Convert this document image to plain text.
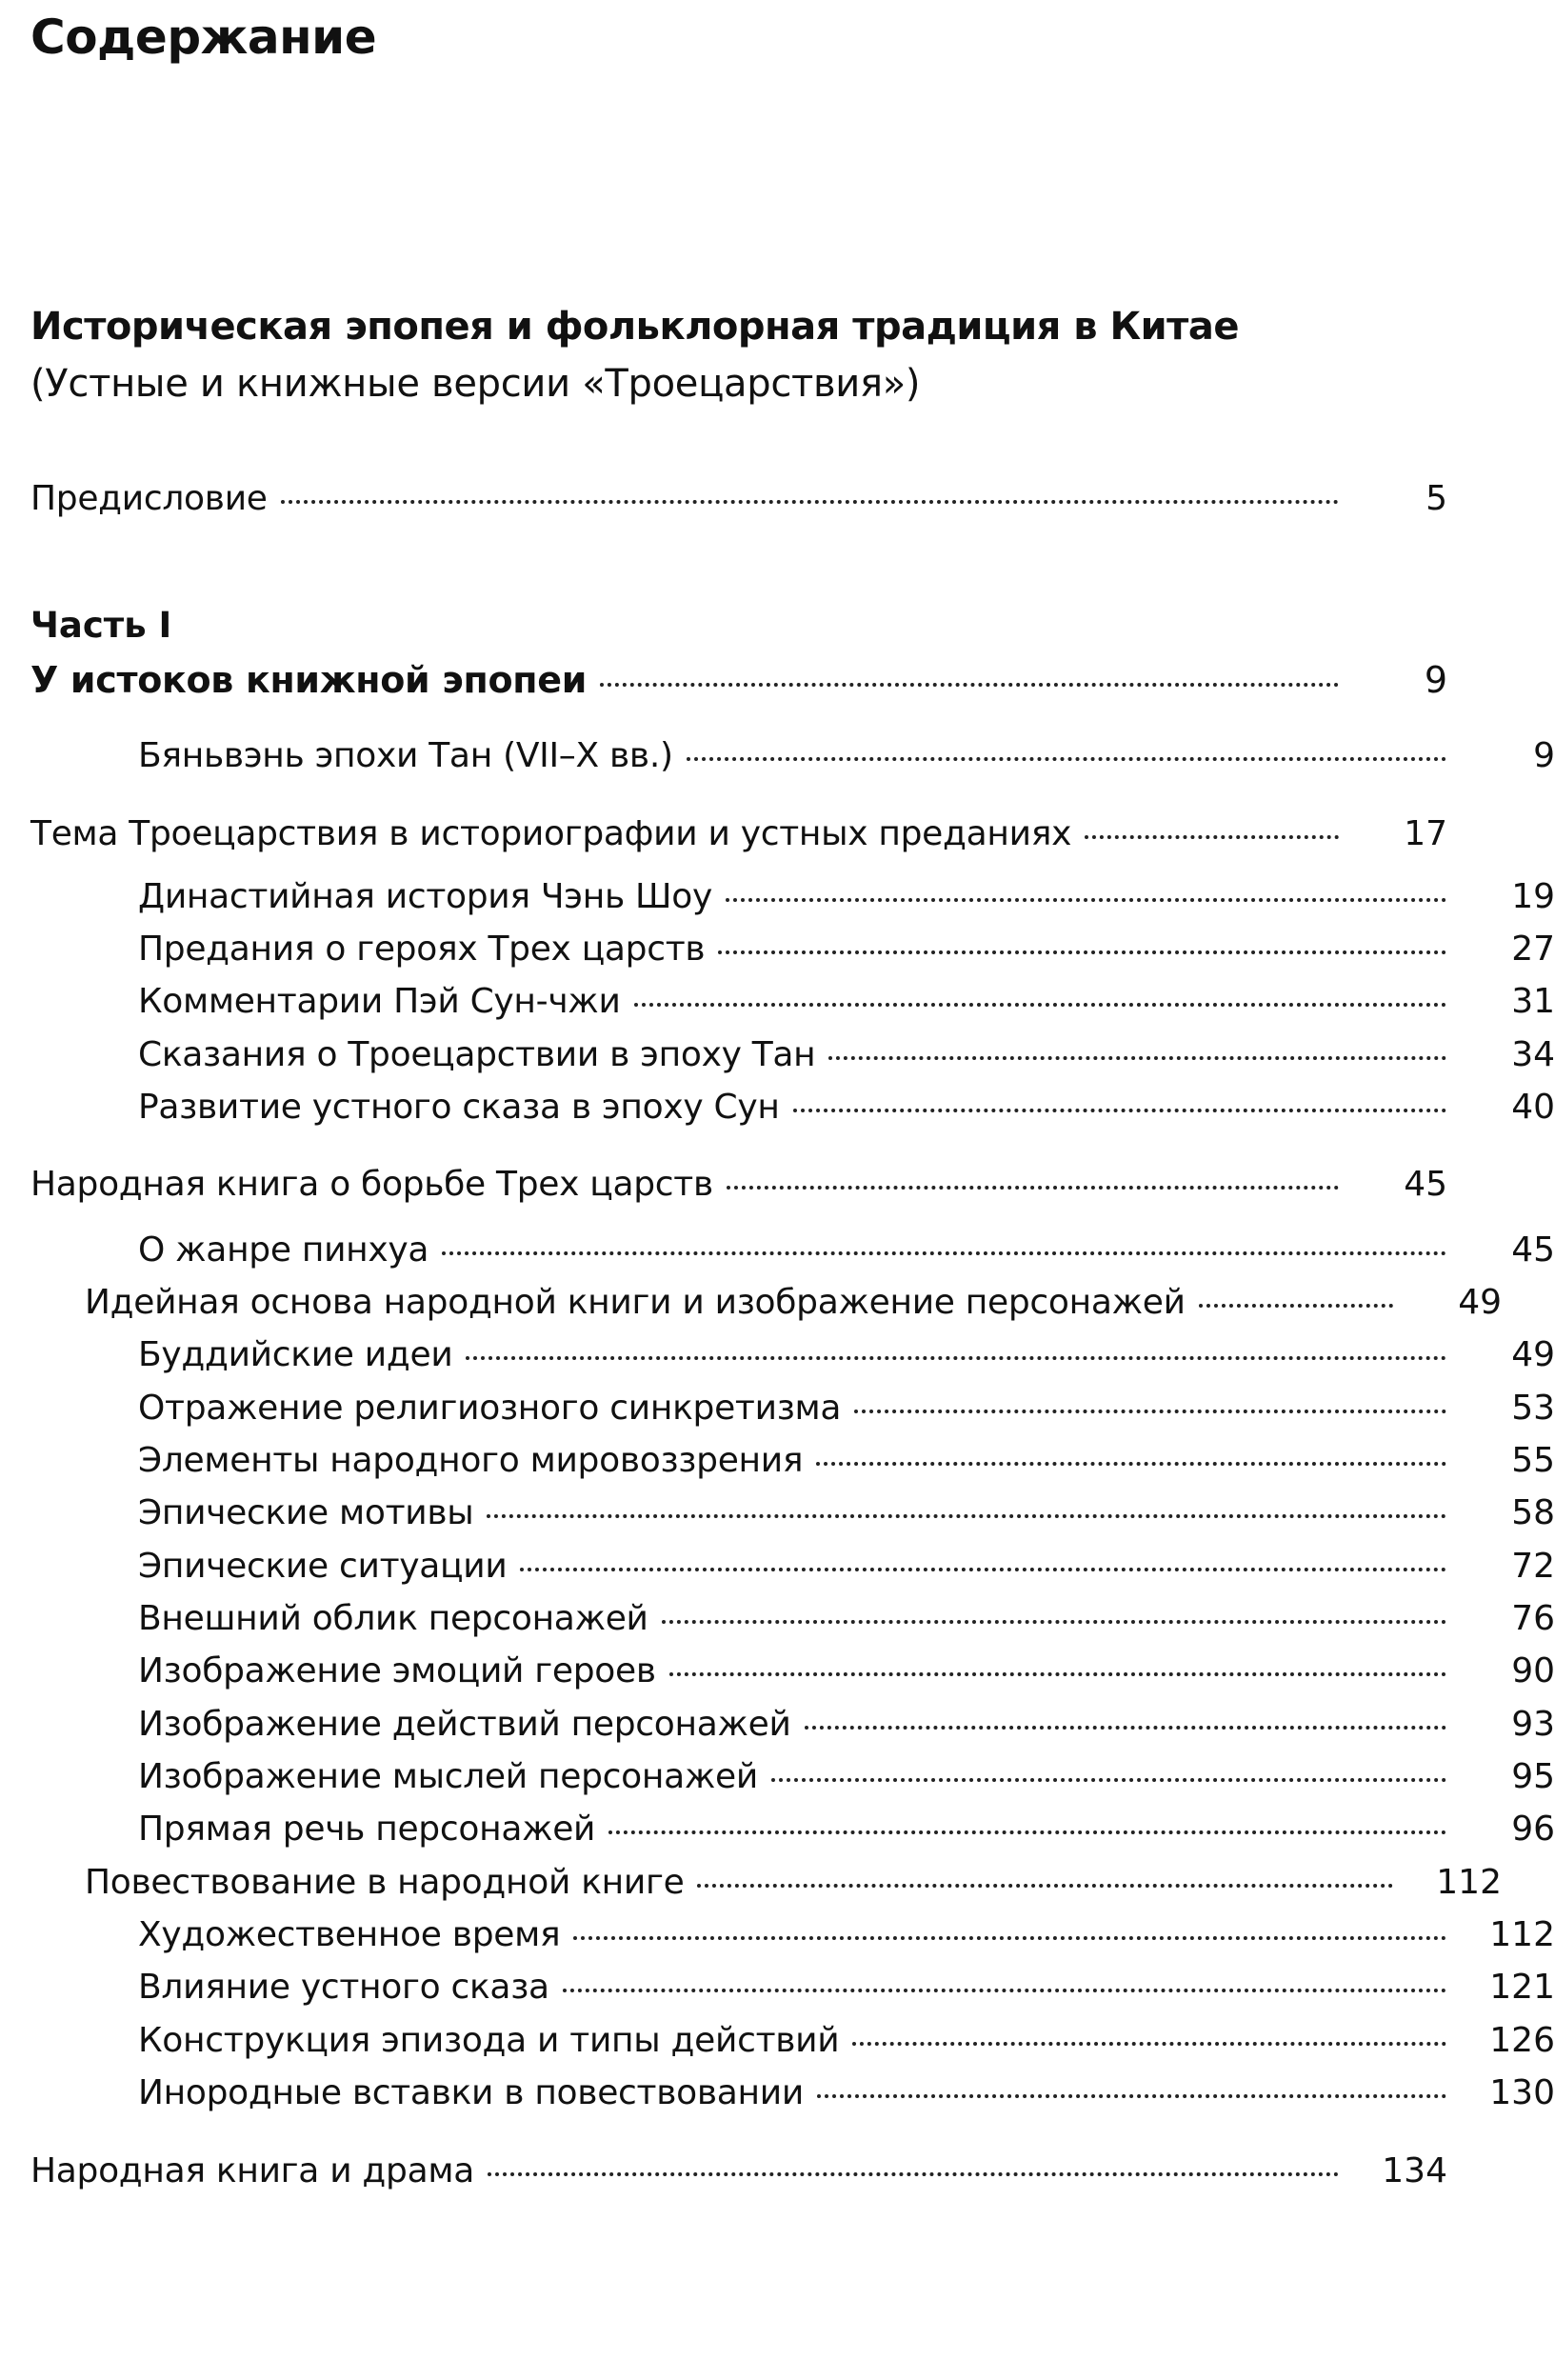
Содержание
Историческая эпопея и фольклорная традиция в Китае
(Устные и книжные версии «Троецарствия»)
Часть I
Предисловие	5
У истоков книжной эпопеи	9
Бяньвэнь эпохи Тан (VII–X вв.)	9
Тема Троецарствия в историографии и устных преданиях	17
Династийная история Чэнь Шоу	19
Предания о героях Трех царств	27
Комментарии Пэй Сун-чжи	31
Сказания о Троецарствии в эпоху Тан	34
Развитие устного сказа в эпоху Сун	40
Народная книга о борьбе Трех царств	45
О жанре пинхуа	45
Идейная основа народной книги и изображение персонажей	49
Буддийские идеи	49
Отражение религиозного синкретизма	53
Элементы народного мировоззрения	55
Эпические мотивы	58
Эпические ситуации	72
Внешний облик персонажей	76
Изображение эмоций героев	90
Изображение действий персонажей	93
Изображение мыслей персонажей	95
Прямая речь персонажей	96
Повествование в народной книге	112
Художественное время	112
Влияние устного сказа	121
Конструкция эпизода и типы действий	126
Инородные вставки в повествовании	130
Народная книга и драма	134
